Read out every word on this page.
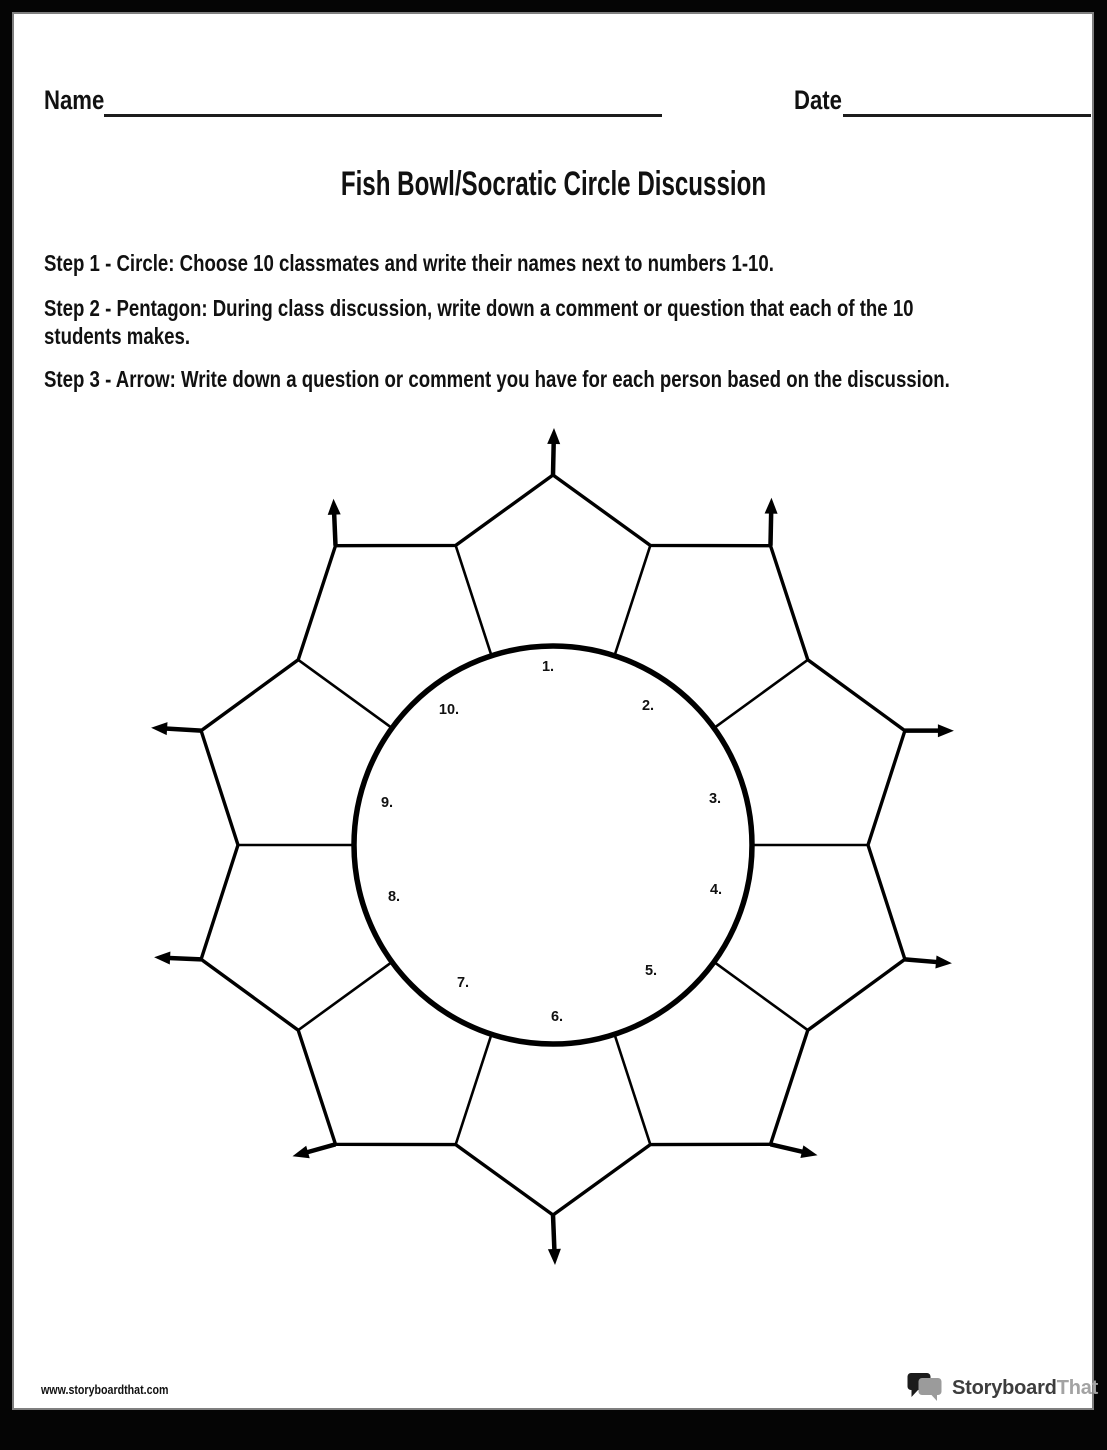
Name	Date
Fish Bowl/Socratic Circle Discussion
Step 1 - Circle: Choose 10 classmates and write their names next to numbers 1-10.
Step 2 - Pentagon: During class discussion, write down a comment or question that each of the 10
students makes.
Step 3 - Arrow: Write down a question or comment you have for each person based on the discussion.
www.storyboardthat.com	StoryboardThat
1.
2.
3.
4.
5.
6.
7.
8.
9.
10.
